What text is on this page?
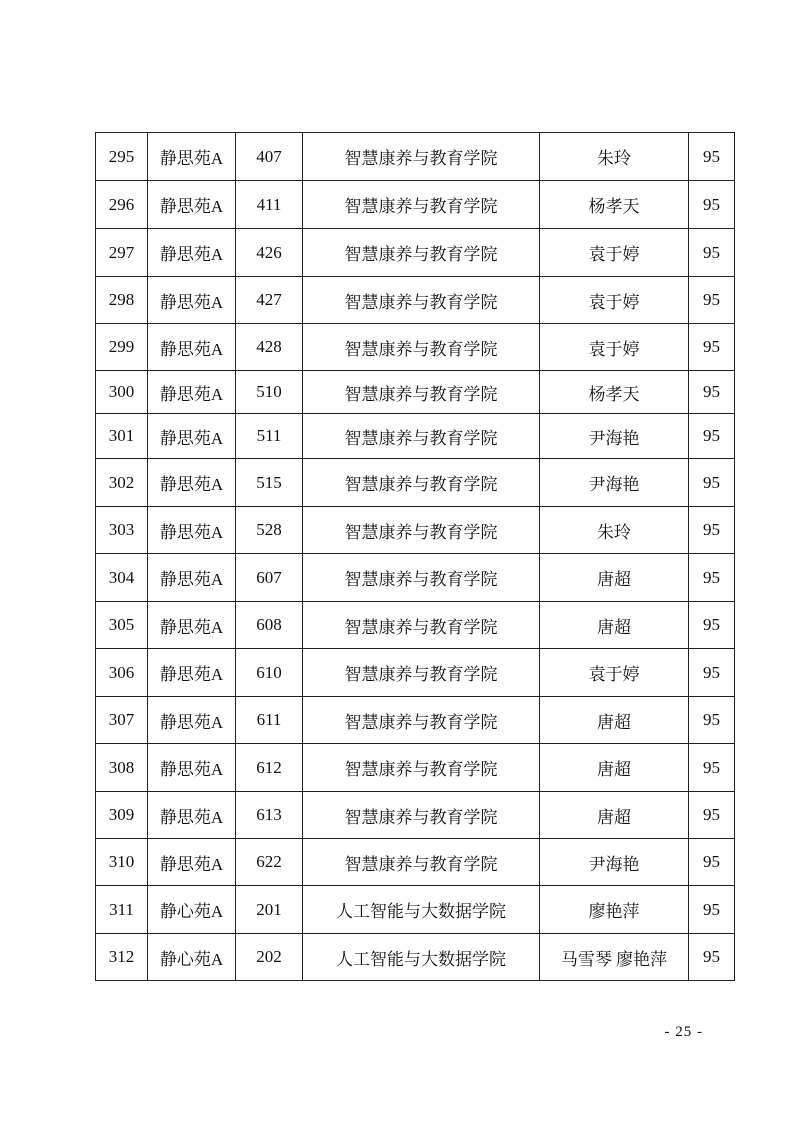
295	静思苑A	407	智慧康养与教育学院	朱玲	95
296	静思苑A	411	智慧康养与教育学院	杨孝天	95
297	静思苑A	426	智慧康养与教育学院	袁于婷	95
298	静思苑A	427	智慧康养与教育学院	袁于婷	95
299	静思苑A	428	智慧康养与教育学院	袁于婷	95
300	静思苑A	510	智慧康养与教育学院	杨孝天	95
301	静思苑A	511	智慧康养与教育学院	尹海艳	95
302	静思苑A	515	智慧康养与教育学院	尹海艳	95
303	静思苑A	528	智慧康养与教育学院	朱玲	95
304	静思苑A	607	智慧康养与教育学院	唐超	95
305	静思苑A	608	智慧康养与教育学院	唐超	95
306	静思苑A	610	智慧康养与教育学院	袁于婷	95
307	静思苑A	611	智慧康养与教育学院	唐超	95
308	静思苑A	612	智慧康养与教育学院	唐超	95
309	静思苑A	613	智慧康养与教育学院	唐超	95
310	静思苑A	622	智慧康养与教育学院	尹海艳	95
311	静心苑A	201	人工智能与大数据学院	廖艳萍	95
312	静心苑A	202	人工智能与大数据学院	马雪琴 廖艳萍	95
- 25 -
